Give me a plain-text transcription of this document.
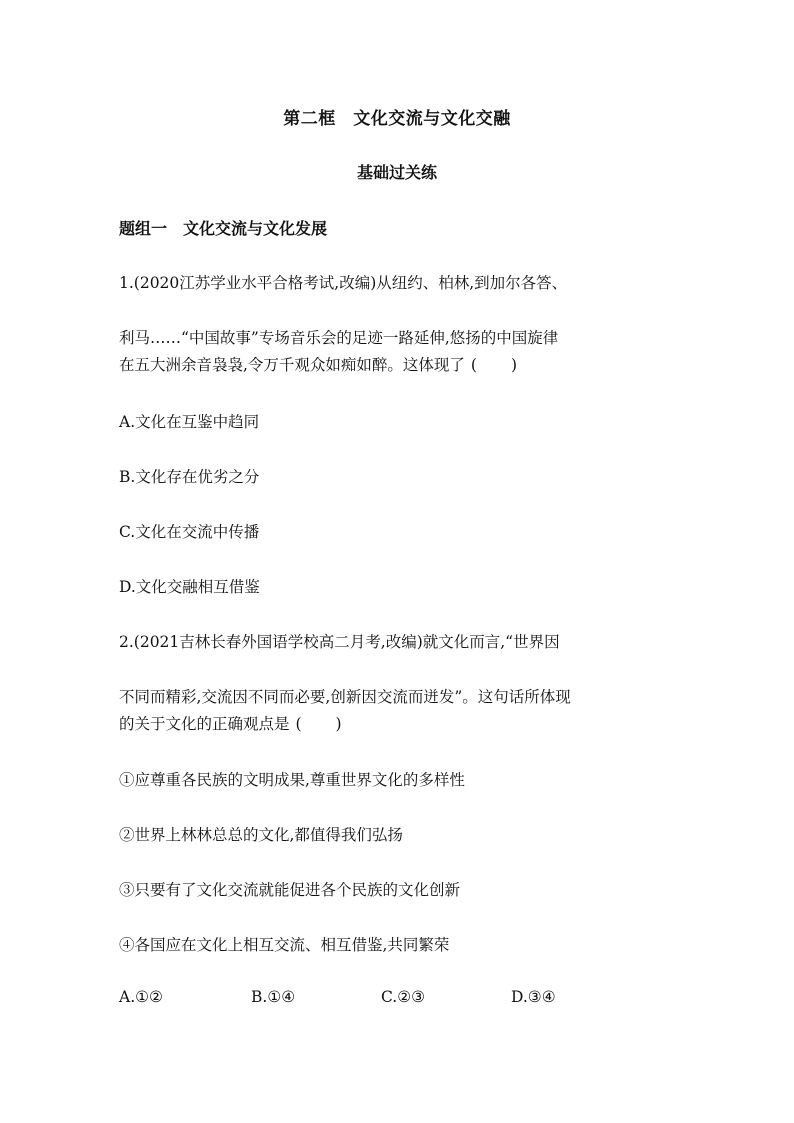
第二框　文化交流与文化交融
基础过关练
题组一　文化交流与文化发展
1.(2020江苏学业水平合格考试,改编)从纽约、柏林,到加尔各答、
利马……“中国故事”专场音乐会的足迹一路延伸,悠扬的中国旋律
在五大洲余音袅袅,令万千观众如痴如醉。这体现了 ( )
A.文化在互鉴中趋同
B.文化存在优劣之分
C.文化在交流中传播
D.文化交融相互借鉴
2.(2021吉林长春外国语学校高二月考,改编)就文化而言,“世界因
不同而精彩,交流因不同而必要,创新因交流而迸发”。这句话所体现
的关于文化的正确观点是 ( )
①应尊重各民族的文明成果,尊重世界文化的多样性
②世界上林林总总的文化,都值得我们弘扬
③只要有了文化交流就能促进各个民族的文化创新
④各国应在文化上相互交流、相互借鉴,共同繁荣
A.①②	B.①④	C.②③	D.③④
